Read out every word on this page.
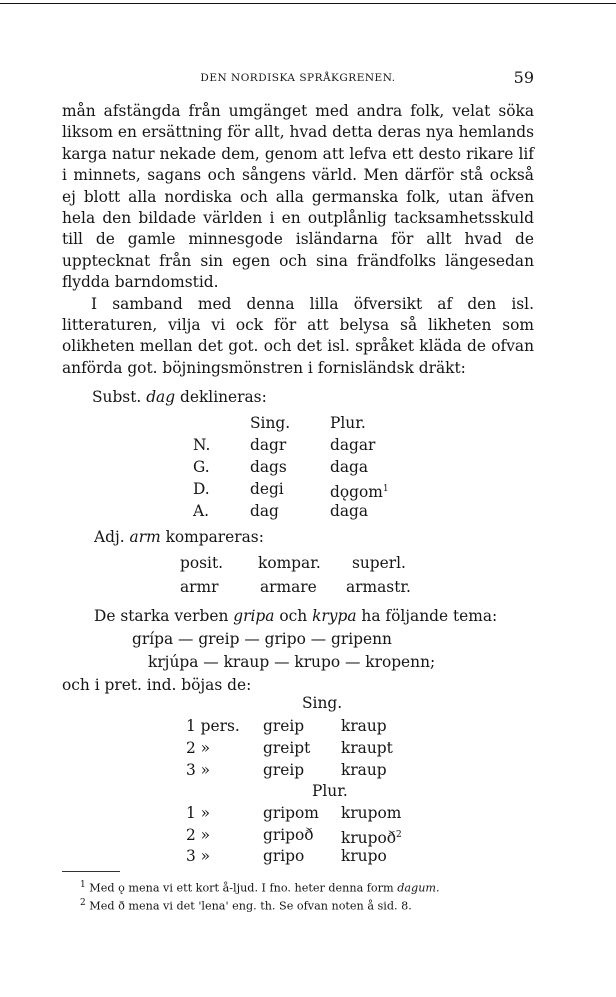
DEN NORDISKA SPRÅKGRENEN.	59

mån afstängda från umgänget med andra folk, velat söka liksom en ersättning för allt, hvad detta deras nya hemlands karga natur nekade dem, genom att lefva ett desto rikare lif i minnets, sagans och sångens värld. Men därför stå också ej blott alla nordiska och alla germanska folk, utan äfven hela den bildade världen i en outplånlig tacksamhetsskuld till de gamle minnesgode isländarna för allt hvad de upptecknat från sin egen och sina frändfolks längesedan flydda barndomstid.

I samband med denna lilla öfversikt af den isl. litteraturen, vilja vi ock för att belysa så likheten som olikheten mellan det got. och det isl. språket kläda de ofvan anförda got. böjningsmönstren i fornisländsk dräkt:

Subst. dag deklineras:
Sing.	Plur.
N.	dagr	dagar
G.	dags	daga
D.	degi	dǫgom$^1$
A.	dag	daga
Adj. arm kompareras:
posit. kompar. superl.
armr	armare armastr.
De starka verben gripa och krypa ha följande tema:
grípa — greip — gripo — gripenn
krjúpa — kraup — krupo — kropenn;
och i pret. ind. böjas de:
Sing.
1 pers. greip kraup
2 »	greipt kraupt
3 »	greip kraup
Plur.
1 »	gripom krupom
2 »	gripoð krupoð$^2$
3 »	gripo krupo
$^1$ Med ǫ mena vi ett kort å-ljud. I fno. heter denna form dagum.
$^2$ Med ð mena vi det 'lena' eng. th. Se ofvan noten å sid. 8.
